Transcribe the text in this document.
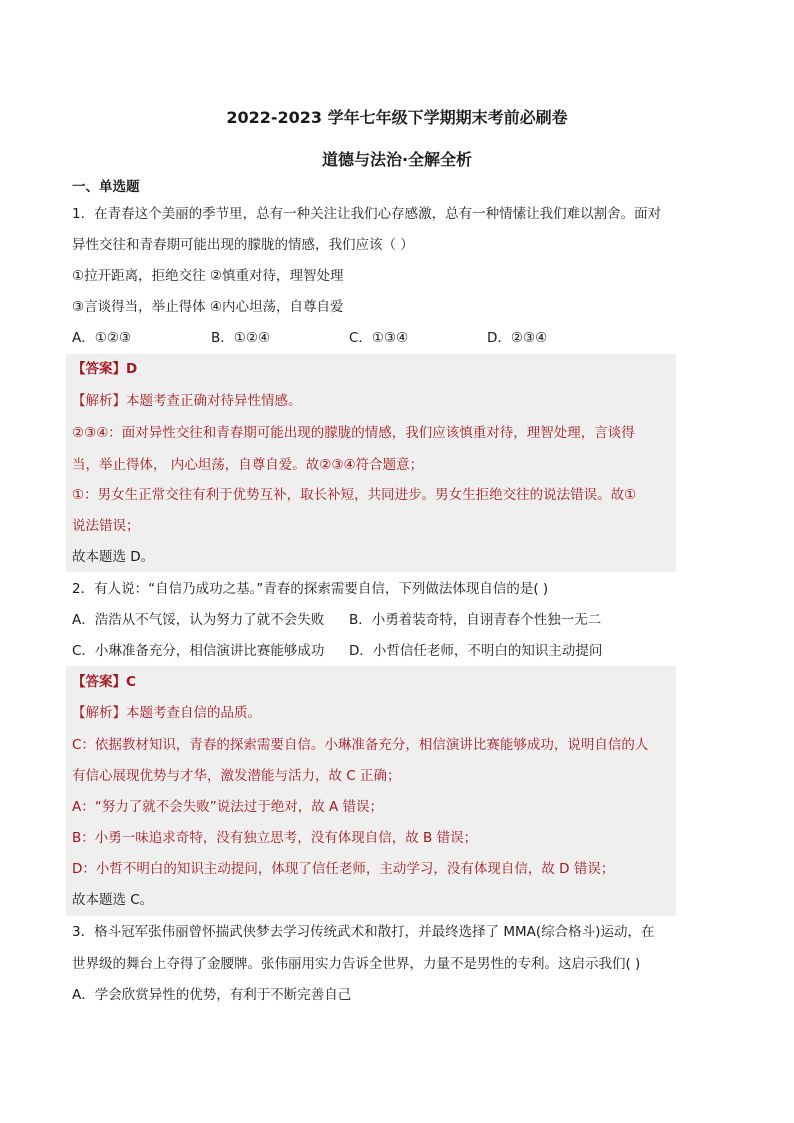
2022-2023 学年七年级下学期期末考前必刷卷
道德与法治·全解全析
一、单选题
1．在青春这个美丽的季节里，总有一种关注让我们心存感激，总有一种情愫让我们难以割舍。面对
异性交往和青春期可能出现的朦胧的情感，我们应该（ ）
①拉开距离，拒绝交往 ②慎重对待，理智处理
③言谈得当，举止得体 ④内心坦荡，自尊自爱
A．①②③	B．①②④	C．①③④	D．②③④
【答案】D
【解析】本题考查正确对待异性情感。
②③④：面对异性交往和青春期可能出现的朦胧的情感，我们应该慎重对待，理智处理，言谈得
当，举止得体， 内心坦荡，自尊自爱。故②③④符合题意；
①：男女生正常交往有利于优势互补，取长补短，共同进步。男女生拒绝交往的说法错误。故①
说法错误；
故本题选 D。
2．有人说：“自信乃成功之基。”青春的探索需要自信，下列做法体现自信的是( )
A．浩浩从不气馁，认为努力了就不会失败 B．小勇着装奇特，自诩青春个性独一无二
C．小琳准备充分，相信演讲比赛能够成功 D．小哲信任老师，不明白的知识主动提问
【答案】C
【解析】本题考查自信的品质。
C：依据教材知识，青春的探索需要自信。小琳准备充分，相信演讲比赛能够成功，说明自信的人
有信心展现优势与才华，激发潜能与活力，故 C 正确；
A：“努力了就不会失败”说法过于绝对，故 A 错误；
B：小勇一味追求奇特，没有独立思考，没有体现自信，故 B 错误；
D：小哲不明白的知识主动提问，体现了信任老师，主动学习，没有体现自信，故 D 错误；
故本题选 C。
3．格斗冠军张伟丽曾怀揣武侠梦去学习传统武术和散打，并最终选择了 MMA(综合格斗)运动，在
世界级的舞台上夺得了金腰牌。张伟丽用实力告诉全世界，力量不是男性的专利。这启示我们( )
A．学会欣赏异性的优势，有利于不断完善自己
